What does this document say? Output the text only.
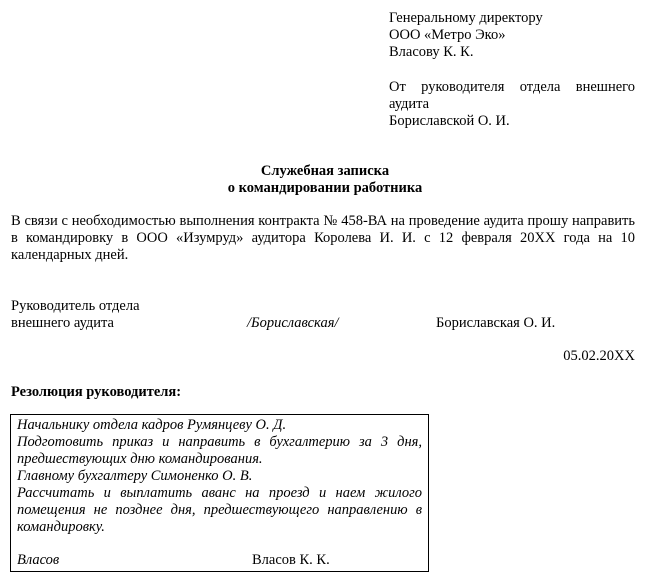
Генеральному директору
ООО «Метро Эко»
Власову К. К.
От руководителя отдела внешнего аудита
Бориславской О. И.
Служебная записка
о командировании работника
В связи с необходимостью выполнения контракта № 458-ВА на проведение аудита прошу направить в командировку в ООО «Изумруд» аудитора Королева И. И. с 12 февраля 20ХХ года на 10 календарных дней.
Руководитель отдела
внешнего аудита	/Бориславская/	Бориславская О. И.
05.02.20ХХ
Резолюция руководителя:
Начальнику отдела кадров Румянцеву О. Д.
Подготовить приказ и направить в бухгалтерию за 3 дня, предшествующих дню командирования.
Главному бухгалтеру Симоненко О. В.
Рассчитать и выплатить аванс на проезд и наем жилого помещения не позднее дня, предшествующего направлению в командировку.
Власов	Власов К. К.
